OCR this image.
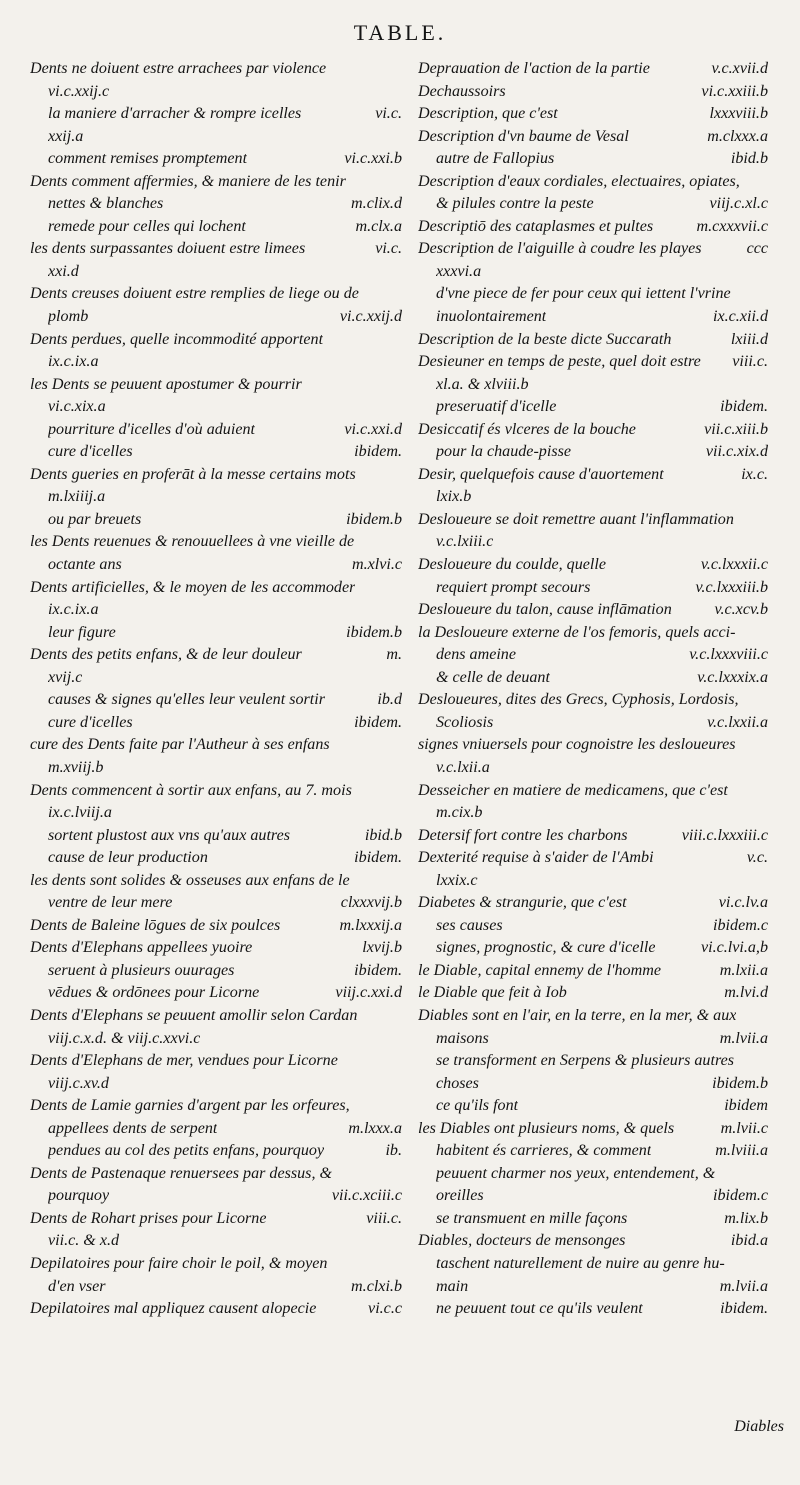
TABLE.
Dents ne doiuent estre arrachees par violence
vi.c.xxij.c
la maniere d'arracher & rompre icelles	vi.c.
xxij.a
comment remises promptement	vi.c.xxi.b
Dents comment affermies, & maniere de les tenir
nettes & blanches	m.clix.d
remede pour celles qui lochent	m.clx.a
les dents surpassantes doiuent estre limees	vi.c.
xxi.d
Dents creuses doiuent estre remplies de liege ou de
plomb	vi.c.xxij.d
Dents perdues, quelle incommodité apportent
ix.c.ix.a
les Dents se peuuent apostumer & pourrir
vi.c.xix.a
pourriture d'icelles d'où aduient	vi.c.xxi.d
cure d'icelles	ibidem.
Dents gueries en proferāt à la messe certains mots
m.lxiiij.a
ou par breuets	ibidem.b
les Dents reuenues & renouuellees à vne vieille de
octante ans	m.xlvi.c
Dents artificielles, & le moyen de les accommoder
ix.c.ix.a
leur figure	ibidem.b
Dents des petits enfans, & de leur douleur	m.
xvij.c
causes & signes qu'elles leur veulent sortir	ib.d
cure d'icelles	ibidem.
cure des Dents faite par l'Autheur à ses enfans
m.xviij.b
Dents commencent à sortir aux enfans, au 7. mois
ix.c.lviij.a
sortent plustost aux vns qu'aux autres	ibid.b
cause de leur production	ibidem.
les dents sont solides & osseuses aux enfans de le
ventre de leur mere	clxxxvij.b
Dents de Baleine lōgues de six poulces	m.lxxxij.a
Dents d'Elephans appellees yuoire	lxvij.b
seruent à plusieurs ouurages	ibidem.
vēdues & ordōnees pour Licorne	viij.c.xxi.d
Dents d'Elephans se peuuent amollir selon Cardan
viij.c.x.d. & viij.c.xxvi.c
Dents d'Elephans de mer, vendues pour Licorne
viij.c.xv.d
Dents de Lamie garnies d'argent par les orfeures,
appellees dents de serpent	m.lxxx.a
pendues au col des petits enfans, pourquoy	ib.
Dents de Pastenaque renuersees par dessus, &
pourquoy	vii.c.xciii.c
Dents de Rohart prises pour Licorne	viii.c.
vii.c. & x.d
Depilatoires pour faire choir le poil, & moyen
d'en vser	m.clxi.b
Depilatoires mal appliquez causent alopecie	vi.c.c
Deprauation de l'action de la partie	v.c.xvii.d
Dechaussoirs	vi.c.xxiii.b
Description, que c'est	lxxxviii.b
Description d'vn baume de Vesal	m.clxxx.a
autre de Fallopius	ibid.b
Description d'eaux cordiales, electuaires, opiates,
& pilules contre la peste	viij.c.xl.c
Descriptiō des cataplasmes et pultes	m.cxxxvii.c
Description de l'aiguille à coudre les playes	ccc
xxxvi.a
d'vne piece de fer pour ceux qui iettent l'vrine
inuolontairement	ix.c.xii.d
Description de la beste dicte Succarath	lxiii.d
Desieuner en temps de peste, quel doit estre	viii.c.
xl.a. & xlviii.b
preseruatif d'icelle	ibidem.
Desiccatif és vlceres de la bouche	vii.c.xiii.b
pour la chaude-pisse	vii.c.xix.d
Desir, quelquefois cause d'auortement	ix.c.
lxix.b
Desloueure se doit remettre auant l'inflammation
v.c.lxiii.c
Desloueure du coulde, quelle	v.c.lxxxii.c
requiert prompt secours	v.c.lxxxiii.b
Desloueure du talon, cause inflāmation	v.c.xcv.b
la Desloueure externe de l'os femoris, quels acci-
dens ameine	v.c.lxxxviii.c
& celle de deuant	v.c.lxxxix.a
Desloueures, dites des Grecs, Cyphosis, Lordosis,
Scoliosis	v.c.lxxii.a
signes vniuersels pour cognoistre les desloueures
v.c.lxii.a
Desseicher en matiere de medicamens, que c'est
m.cix.b
Detersif fort contre les charbons	viii.c.lxxxiii.c
Dexterité requise à s'aider de l'Ambi	v.c.
lxxix.c
Diabetes & strangurie, que c'est	vi.c.lv.a
ses causes	ibidem.c
signes, prognostic, & cure d'icelle	vi.c.lvi.a,b
le Diable, capital ennemy de l'homme	m.lxii.a
le Diable que feit à Iob	m.lvi.d
Diables sont en l'air, en la terre, en la mer, & aux
maisons	m.lvii.a
se transforment en Serpens & plusieurs autres
choses	ibidem.b
ce qu'ils font	ibidem
les Diables ont plusieurs noms, & quels	m.lvii.c
habitent és carrieres, & comment	m.lviii.a
peuuent charmer nos yeux, entendement, &
oreilles	ibidem.c
se transmuent en mille façons	m.lix.b
Diables, docteurs de mensonges	ibid.a
taschent naturellement de nuire au genre hu-
main	m.lvii.a
ne peuuent tout ce qu'ils veulent	ibidem.
Diables
